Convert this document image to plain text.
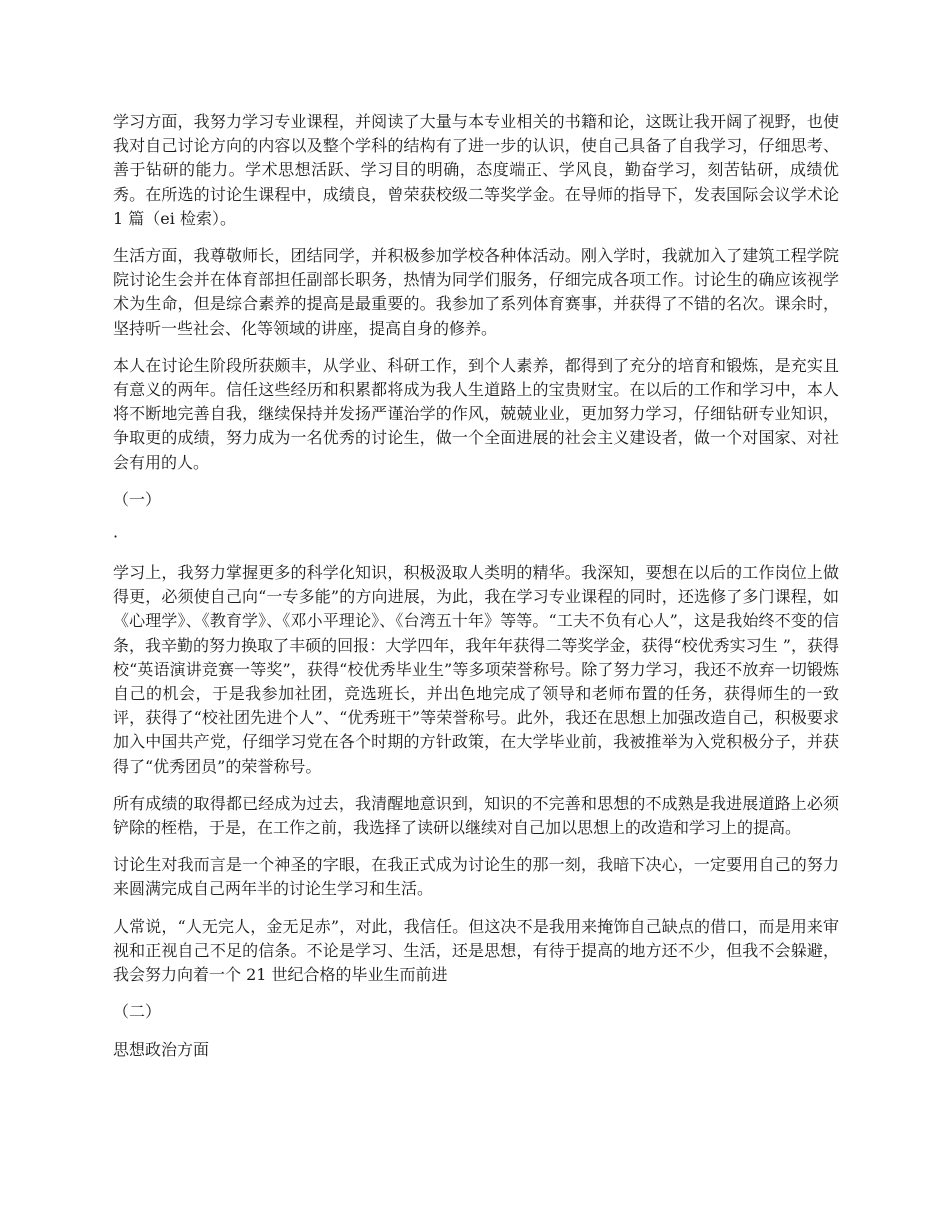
学习方面，我努力学习专业课程，并阅读了大量与本专业相关的书籍和论，这既让我开阔了视野，也使我对自己讨论方向的内容以及整个学科的结构有了进一步的认识，使自己具备了自我学习，仔细思考、善于钻研的能力。学术思想活跃、学习目的明确，态度端正、学风良，勤奋学习，刻苦钻研，成绩优秀。在所选的讨论生课程中，成绩良，曾荣获校级二等奖学金。在导师的指导下，发表国际会议学术论 1 篇（ei 检索）。

生活方面，我尊敬师长，团结同学，并积极参加学校各种体活动。刚入学时，我就加入了建筑工程学院院讨论生会并在体育部担任副部长职务，热情为同学们服务，仔细完成各项工作。讨论生的确应该视学术为生命，但是综合素养的提高是最重要的。我参加了系列体育赛事，并获得了不错的名次。课余时，坚持听一些社会、化等领域的讲座，提高自身的修养。

本人在讨论生阶段所获颇丰，从学业、科研工作，到个人素养，都得到了充分的培育和锻炼，是充实且有意义的两年。信任这些经历和积累都将成为我人生道路上的宝贵财宝。在以后的工作和学习中，本人将不断地完善自我，继续保持并发扬严谨治学的作风，兢兢业业，更加努力学习，仔细钻研专业知识，争取更的成绩，努力成为一名优秀的讨论生，做一个全面进展的社会主义建设者，做一个对国家、对社会有用的人。

（一）

·

学习上，我努力掌握更多的科学化知识，积极汲取人类明的精华。我深知，要想在以后的工作岗位上做得更，必须使自己向“一专多能”的方向进展，为此，我在学习专业课程的同时，还选修了多门课程，如《心理学》、《教育学》、《邓小平理论》、《台湾五十年》等等。“工夫不负有心人”，这是我始终不变的信条，我辛勤的努力换取了丰硕的回报：大学四年，我年年获得二等奖学金，获得“校优秀实习生 ”，获得校“英语演讲竞赛一等奖”，获得“校优秀毕业生”等多项荣誉称号。除了努力学习，我还不放弃一切锻炼自己的机会，于是我参加社团，竞选班长，并出色地完成了领导和老师布置的任务，获得师生的一致评，获得了“校社团先进个人”、“优秀班干”等荣誉称号。此外，我还在思想上加强改造自己，积极要求加入中国共产党，仔细学习党在各个时期的方针政策，在大学毕业前，我被推举为入党积极分子，并获得了“优秀团员”的荣誉称号。

所有成绩的取得都已经成为过去，我清醒地意识到，知识的不完善和思想的不成熟是我进展道路上必须铲除的桎梏，于是，在工作之前，我选择了读研以继续对自己加以思想上的改造和学习上的提高。

讨论生对我而言是一个神圣的字眼，在我正式成为讨论生的那一刻，我暗下决心，一定要用自己的努力来圆满完成自己两年半的讨论生学习和生活。

人常说，“人无完人，金无足赤”，对此，我信任。但这决不是我用来掩饰自己缺点的借口，而是用来审视和正视自己不足的信条。不论是学习、生活，还是思想，有待于提高的地方还不少，但我不会躲避，我会努力向着一个 21 世纪合格的毕业生而前进

（二）

思想政治方面
